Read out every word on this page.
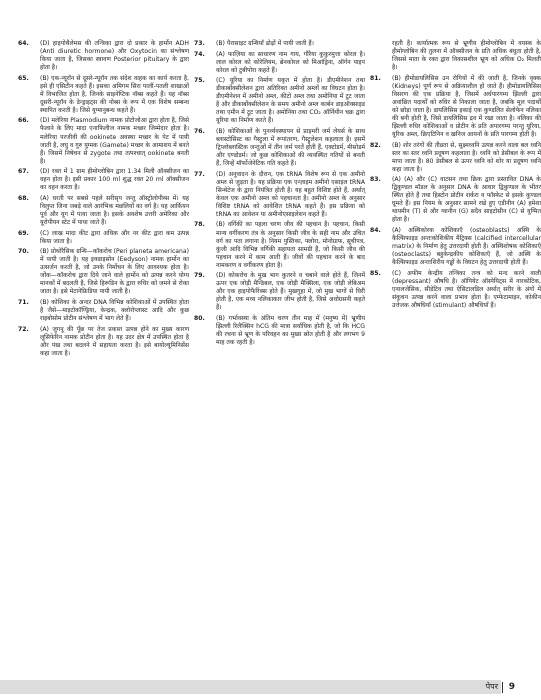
64. (D) हाइपोथैलेमस की तन्त्रिका द्वारा दो प्रकार के हार्मोन ADH (Anti diuretic hormone) और Oxytocin का संश्लेषण किया जाता है, जिसका स्त्रावण Posterior pituitary के द्वारा होता है।
65. (B) एक-न्यूरॉन से दूसरे-न्यूरॉन तक संदेश वाहक का कार्य करता है, इसे ही एसिटीन कहते हैं। इसका अमिगम सिरा पालीं-पतली शाखाओं में विभाजित होता है, जिनके साइनेप्टिक नॉब्स कहते हैं। यह नॉब्स दूसरी-न्यूरॉन के डेन्ड्राइट्स की नोब्स के रूप में एक विशेष सम्बन्ध स्थापित करती है। जिसे युग्मानुबन्ध कहते हैं।
66. (D) मलेरिया Plasmodium नामक प्रोटोजोआ द्वारा होता है, जिसे फैलाने के लिए मादा एनाफिलीज नामक मच्छर जिम्मेदार होता है। मलेरिया परजीवी की ookinete अवस्था मच्छर के पेट में पायी जाती है, लघु व गुरु युग्मक (Gamete) मच्छर के आमाशय में बनते हैं। जिसमें निषेचन से zygote तथा तत्पश्चात् ookinete बनती है।
67. (D) रक्त में 1 ग्राम हीमोग्लोबिन द्वारा 1.34 मिली ऑक्सीजन का वहन होता है। इसी प्रकार 100 ml शुद्ध रक्त 20 ml ऑक्सीजन का वहन करता है।
68. (A) धरती पर सबसे पहले सरीसृप जन्तु ऑस्ट्रोलोपीथ्स में। यह विलुप्त जिना जबड़े वाले आरंभिक मछलियों का वर्ग है। यह आर्कियन पूर्व और युग में पाया जाता है। इसके अवशेष उत्तरी अमेरिका और यूरोपीयन स्टेट में पाया जाते हैं।
69. (C) लाख मादा कीट द्वारा अधिक और नर कीट द्वारा कम उत्पन्न किया जाता है।
70. (B) प्रोथोरैसिक ग्रन्थि—कॉकरोच (Peri planeta americana) में पायी जाती है। यह इक्डाइसोन (Eedyson) नामक हार्मोन का उत्सर्जन करती है, जो उनके निर्मोचन के लिए आवश्यक होता है। जोंक—कॉकरोच द्वारा दिये जाने वाले हार्मोन को उत्पन्न करने योग्य मानकों में बदलती है, जिसे हिरूडिन के द्वारा रुधिर को जमने से रोका जाता है। इसे मेटानेफ्रिडिया पायी जाती है।
71. (B) कोशिका के अन्दर DNA विभिन्न कोशिकाओं में उपस्थित होता है जैसे—माइटोकॉण्ड्रिया, केन्द्रक, क्लोरोप्लास्ट आदि और कुछ राइबोसोम प्रोटीन संश्लेषण में भाग लेते हैं।
72. (A) जुगनू की पूँछ पर तेज प्रकाश उत्पन्न होने का मुख्य कारण लूसिफेरिन नामक प्रोटीन होता है। यह उदर क्षेत्र में उपस्थित होता है और पंख तथा बदलने में सहायता करता है। इसे बायोल्यूमिनिसेंस कहा जाता है।
73. (B) पैरासाइट ग्रन्थियाँ ढोढ़ों में पायी जाती हैं।
74. (A) फाज़िया का साधारण नाम गाय, गौरैया कुकुरमुत्ता कोरल है। लाल कोरल को कोरेलियम, ब्रेनकोरल को मिआंड्रिना, ऑर्गन पाइप कोरल को टुबीपोरा कहते हैं।
75. (C) यूरिया का निर्माण यकृत में होता है। डीएमीनेशन तथा डीकार्बोक्सीलेशन द्वारा अतिरिक्त अमीनो अम्लों का विघटन होता है। डीएमीनेशन में अमीनो अम्ल, कीटो अम्ल तथा अमोनिया में टूट जाता है और डीकार्बोक्सीलेशन के समय अमीनो अम्ल कार्बन डाइऑक्साइड तथा एमीन में टूट जाता है। अमोनिया तथा CO₂ ऑर्निथीन चक्र द्वारा यूरिया का निर्माण करते हैं।
76. (B) कोशिकाओं के पुनर्व्यवस्थापन से प्राइमरी जर्म लेयर्स के साथ ब्लास्टोसिस्ट का गैस्ट्रुला में रूपांतरण, गैस्ट्रुलेशन कहलाता है। इसमें ट्रिप्लोब्लास्टिक जन्तुओं में तीन जर्म परतें होती हैं, एक्टोडर्म, मीसोडर्म और एण्डोडर्म। जो कुछ कोशिकाओं की व्यवस्थित गतियों से बनती हैं, जिन्हें मॉर्फोजेनेटिक गति कहते हैं।
77. (D) अनुवादन के दौरान, एक tRNA विशेष रूप से एक अमीनो अम्ल से जुड़ता है। यह प्रक्रिया एक एन्ज़ाइम अमीनो एसाइल tRNA सिन्थेटेज के द्वारा नियंत्रित होती है। यह बहुत विशिष्ट होते हैं, अर्थात् केवल एक अमीनो अम्ल को पहचानता है। अमीनो अम्ल के अनुसार विशिष्ट tRNA को आवेशित tRNA कहते हैं। इस प्रक्रिया को tRNA का आवेशन या अमीनोएसाइलेशन कहते हैं।
78. (B) वर्गिकी का पहला चरण जीव की पहचान है। पहचान, किसी मान्य वर्गीकरण तंत्र के अनुसार किसी जीव के सही नाम और उचित वर्ग का पता लगाना है। नियम पुस्तिका, फ्लोरा, मोनोग्राफ, सूचीपत्र, कुंजी आदि विभिन्न वर्गिकी सहायता सामग्री हैं, जो किसी जीव की पहचान करने में काम आती हैं। जीवों की पहचान करने के बाद नामकरण व वर्गीकरण होता है।
79. (D) कोकरोच के मुख भाग कुतरने व चबाने वाले होते हैं, जिनमें ऊपर एक जोड़ी मैन्डिबल, एक जोड़ी मैक्सिला, एक जोड़ी लेबिअम और एक हाइपोफैरिंक्स होते हैं। मुखगुहा में, जो मुख भागों से घिरी होती है, एक मध्य नलिकाकार जीभ होती है, जिसे अधोग्रसनी कहते हैं।
80. (B) गर्भावस्था के अंतिम चरण तीन माह में (मनुष्य में) भ्रूणीय झिल्ली रिलैक्सिन hCG की मात्रा सर्वाधिक होती है, जो कि HCG की रचना से भ्रूण के परिवहन का मुख्य स्रोत होती है और लगभग 9 माह तक रहती है।
रहती है। कार्यात्मक रूप से भ्रूणीय हीमोग्लोबिन में वयस्क के हीमोग्लोबिन की तुलना में ऑक्सीजन के प्रति अधिक बंधुता होती है, जिससे माता के रक्त द्वारा विकासशील भ्रूण को अधिक O₂ मिलती है।
81. (B) हीमोडायलिसिस उन रोगियों में की जाती है, जिनके वृक्क (Kidneys) पूर्ण रूप से अक्रियाशील हो जाते हैं। हीमोडायलिसिस विसरण की एक प्रक्रिया है, जिसमें अर्धपारगम्य झिल्ली द्वारा अवांछित पदार्थों को रुधिर से निकाला जाता है, जबकि मूल पदार्थों को छोड़ा जाता है। डायलिसिस इकाई एक कुण्डलित सेलोफेन नलिका की बनी होती है, जिसे डायलिसिस द्रव में रखा जाता है। नलिका की झिल्ली रुधिर कोशिकाओं व प्रोटीन के प्रति अपारगम्य परन्तु यूरिया, यूरिक अम्ल, क्रिएटिनिन व खनिज आयनों के प्रति पारगम्य होती है।
82. (B) शोर तरंगों की तीव्रता से, सुक्ष्मध्वनि उत्पन्न करने वाला बल ध्वनि स्तर का स्तर ध्वनि प्रदूषण कहलाता है। ध्वनि को डेसीबल के रूप में मापा जाता है। 80 डेसीबल से ऊपर ध्वनि को शोर या प्रदूषण ध्वनि कहा जाता है।
83. (A) (A) और (C) वाटसन तथा क्रिक द्वारा प्रस्तावित DNA के द्विकुण्डल मॉडल के अनुसार DNA के आधार द्विकुण्डल के भीतर स्थित होते हैं तथा हिस्टोन प्रोटीन शर्करा व फॉस्फेट से इसके कुण्डल घूमते हैं। इस नियम के अनुसार सामने रखे हुए एडीनीन (A) हमेशा थायमीन (T) से और ग्वानीन (G) सदैव साइटोसीन (C) से युग्मित होता है।
84. (A) अस्थिकोरक कोशिकाएँ (osteoblasts) अस्थि के कैल्सिफाइड अन्तःकोशिकीय मैट्रिक्स (calcified intercellular matrix) के निर्माण हेतु उत्तरदायी होती हैं। अस्थिशोषक कोशिकाएँ (osteoclasts) बहुकेन्द्रकीय कोशिकाएँ हैं, जो अस्थि के कैल्सिफाइड अन्तःशिरीय गड्ढों के विघटन हेतु उत्तरदायी होती हैं।
85. (C) अफीम केन्द्रीय तन्त्रिका तन्त्र को मन्द करने वाली (depressant) औषधि है। ऑपियेट ऑस्पेयिट्स में नारकोटिक, एनालजेसिक, सीडेटिव तथा ऐसिटालडिल अर्थात् सरीर के अंगों में संकुचन उत्पन्न करने वाला प्रभाव होता है। एम्फेटामाइन, कोकीन उत्तेजक औषधियाँ (stimulant) औषधियाँ हैं।
पेपर 9
